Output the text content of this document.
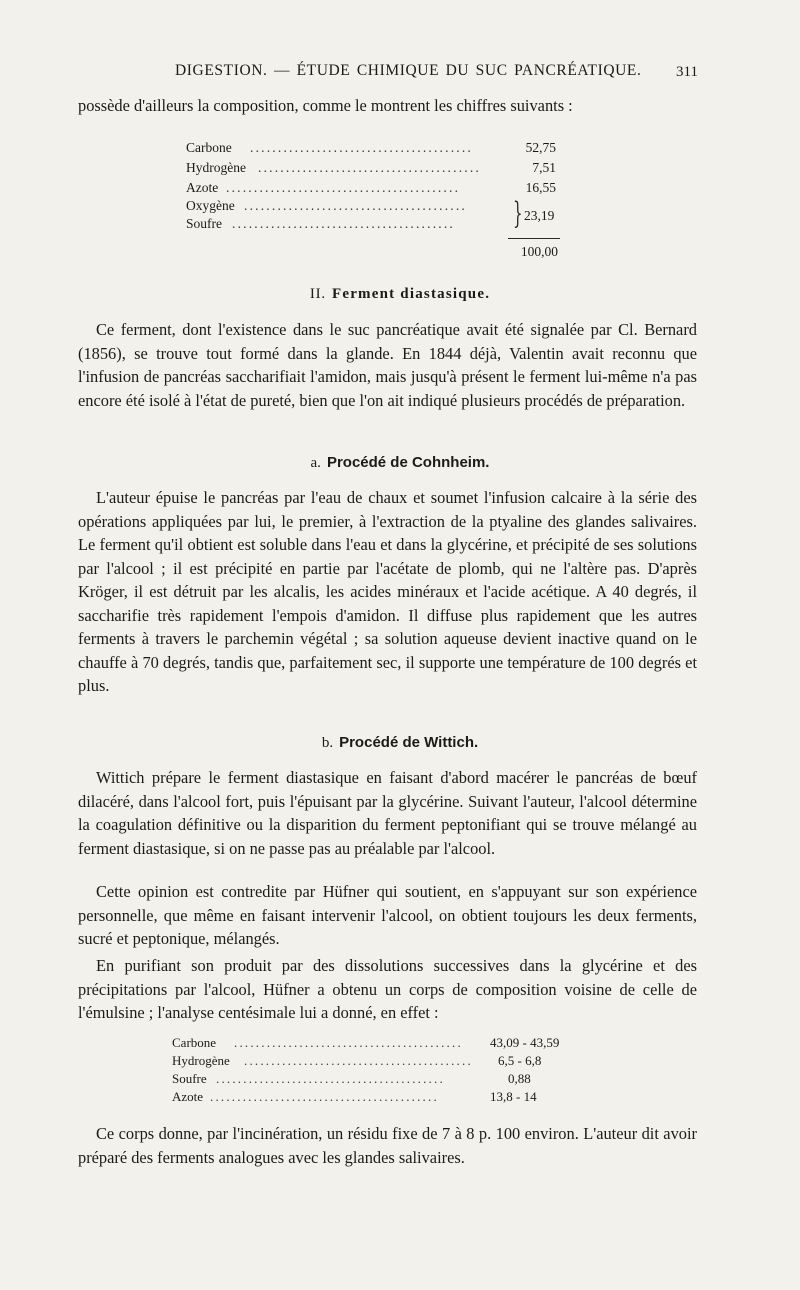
DIGESTION. — ÉTUDE CHIMIQUE DU SUC PANCRÉATIQUE. 311

possède d'ailleurs la composition, comme le montrent les chiffres suivants :

Carbone ........................................	52,75
Hydrogène ........................................	7,51
Azote ..........................................	16,55
Oxygène ........................................
Soufre ........................................	} 23,19
100,00

II. Ferment diastasique.

Ce ferment, dont l'existence dans le suc pancréatique avait été signalée par Cl. Bernard (1856), se trouve tout formé dans la glande. En 1844 déjà, Valentin avait reconnu que l'infusion de pancréas saccharifiait l'amidon, mais jusqu'à présent le ferment lui-même n'a pas encore été isolé à l'état de pureté, bien que l'on ait indiqué plusieurs procédés de préparation.

a. Procédé de Cohnheim.

L'auteur épuise le pancréas par l'eau de chaux et soumet l'infusion calcaire à la série des opérations appliquées par lui, le premier, à l'extraction de la ptyaline des glandes salivaires. Le ferment qu'il obtient est soluble dans l'eau et dans la glycérine, et précipité de ses solutions par l'alcool ; il est précipité en partie par l'acétate de plomb, qui ne l'altère pas. D'après Kröger, il est détruit par les alcalis, les acides minéraux et l'acide acétique. A 40 degrés, il saccharifie très rapidement l'empois d'amidon. Il diffuse plus rapidement que les autres ferments à travers le parchemin végétal ; sa solution aqueuse devient inactive quand on le chauffe à 70 degrés, tandis que, parfaitement sec, il supporte une température de 100 degrés et plus.

b. Procédé de Wittich.

Wittich prépare le ferment diastasique en faisant d'abord macérer le pancréas de bœuf dilacéré, dans l'alcool fort, puis l'épuisant par la glycérine. Suivant l'auteur, l'alcool détermine la coagulation définitive ou la disparition du ferment peptonifiant qui se trouve mélangé au ferment diastasique, si on ne passe pas au préalable par l'alcool.

Cette opinion est contredite par Hüfner qui soutient, en s'appuyant sur son expérience personnelle, que même en faisant intervenir l'alcool, on obtient toujours les deux ferments, sucré et peptonique, mélangés.

En purifiant son produit par des dissolutions successives dans la glycérine et des précipitations par l'alcool, Hüfner a obtenu un corps de composition voisine de celle de l'émulsine ; l'analyse centésimale lui a donné, en effet :

Carbone ..........................................	43,09 - 43,59
Hydrogène ..........................................	6,5 - 6,8
Soufre ..........................................	0,88
Azote ..........................................	13,8 - 14

Ce corps donne, par l'incinération, un résidu fixe de 7 à 8 p. 100 environ. L'auteur dit avoir préparé des ferments analogues avec les glandes salivaires.
